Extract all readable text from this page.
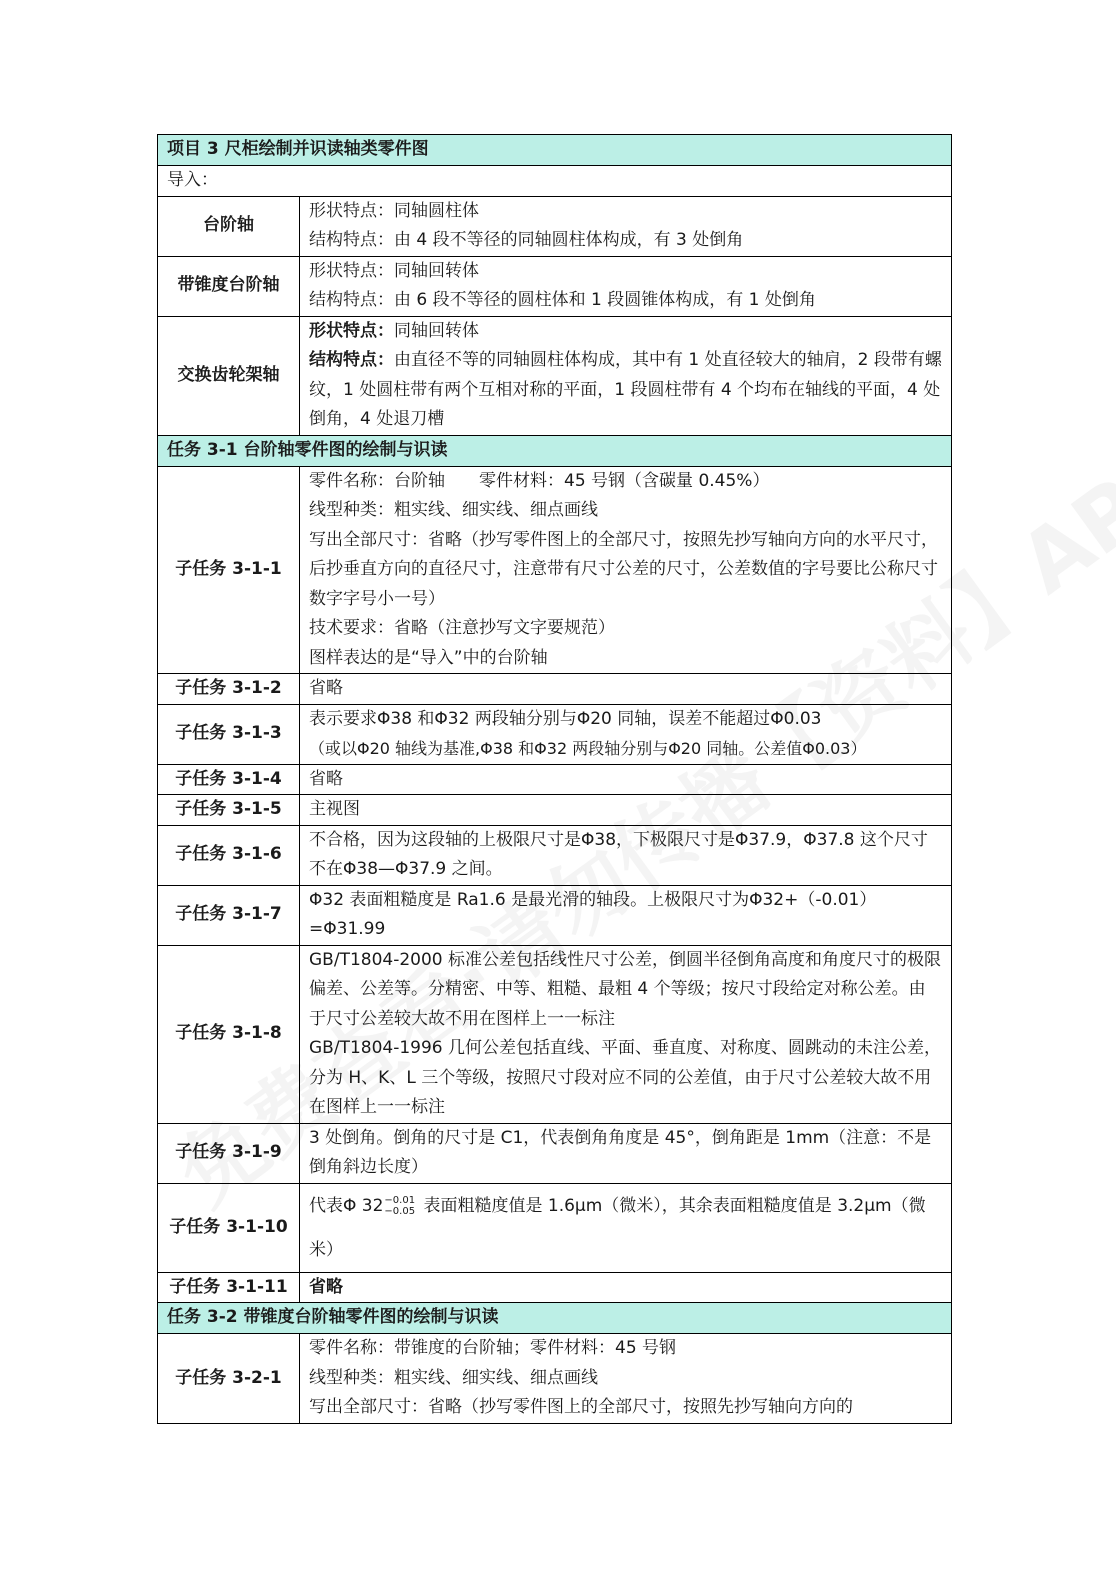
项目 3 尺柜绘制并识读轴类零件图	
导入：	
台阶轴	形状特点：同轴圆柱体
结构特点：由 4 段不等径的同轴圆柱体构成，有 3 处倒角

带锥度台阶轴	形状特点：同轴回转体
结构特点：由 6 段不等径的圆柱体和 1 段圆锥体构成，有 1 处倒角

交换齿轮架轴	形状特点：同轴回转体
结构特点：由直径不等的同轴圆柱体构成，其中有 1 处直径较大的轴肩，2 段带有螺纹，1 处圆柱带有两个互相对称的平面，1 段圆柱带有 4 个均布在轴线的平面，4 处倒角，4 处退刀槽

任务 3-1 台阶轴零件图的绘制与识读	
子任务 3-1-1	零件名称：台阶轴　　零件材料：45 号钢（含碳量 0.45%）
线型种类：粗实线、细实线、细点画线
写出全部尺寸：省略（抄写零件图上的全部尺寸，按照先抄写轴向方向的水平尺寸，后抄垂直方向的直径尺寸，注意带有尺寸公差的尺寸，公差数值的字号要比公称尺寸数字字号小一号）
技术要求：省略（注意抄写文字要规范）
图样表达的是“导入”中的台阶轴

子任务 3-1-2	省略
子任务 3-1-3	表示要求Φ38 和Φ32 两段轴分别与Φ20 同轴，误差不能超过Φ0.03
（或以Φ20 轴线为基准,Φ38 和Φ32 两段轴分别与Φ20 同轴。公差值Φ0.03）

子任务 3-1-4	省略
子任务 3-1-5	主视图
子任务 3-1-6	不合格，因为这段轴的上极限尺寸是Φ38，下极限尺寸是Φ37.9，Φ37.8 这个尺寸不在Φ38—Φ37.9 之间。
子任务 3-1-7	Φ32 表面粗糙度是 Ra1.6 是最光滑的轴段。上极限尺寸为Φ32+（-0.01）=Φ31.99
子任务 3-1-8	GB/T1804-2000 标准公差包括线性尺寸公差，倒圆半径倒角高度和角度尺寸的极限偏差、公差等。分精密、中等、粗糙、最粗 4 个等级；按尺寸段给定对称公差。由于尺寸公差较大故不用在图样上一一标注
GB/T1804-1996 几何公差包括直线、平面、垂直度、对称度、圆跳动的未注公差，分为 H、K、L 三个等级，按照尺寸段对应不同的公差值，由于尺寸公差较大故不用在图样上一一标注

子任务 3-1-9	3 处倒角。倒角的尺寸是 C1，代表倒角角度是 45°，倒角距是 1mm（注意：不是倒角斜边长度）
子任务 3-1-10	代表Φ 32 −0.01
−0.05 表面粗糙度值是 1.6μm（微米），其余表面粗糙度值是 3.2μm（微米）
子任务 3-1-11	省略
任务 3-2 带锥度台阶轴零件图的绘制与识读	
子任务 3-2-1	零件名称：带锥度的台阶轴；零件材料：45 号钢
线型种类：粗实线、细实线、细点画线
写出全部尺寸：省略（抄写零件图上的全部尺寸，按照先抄写轴向方向的
